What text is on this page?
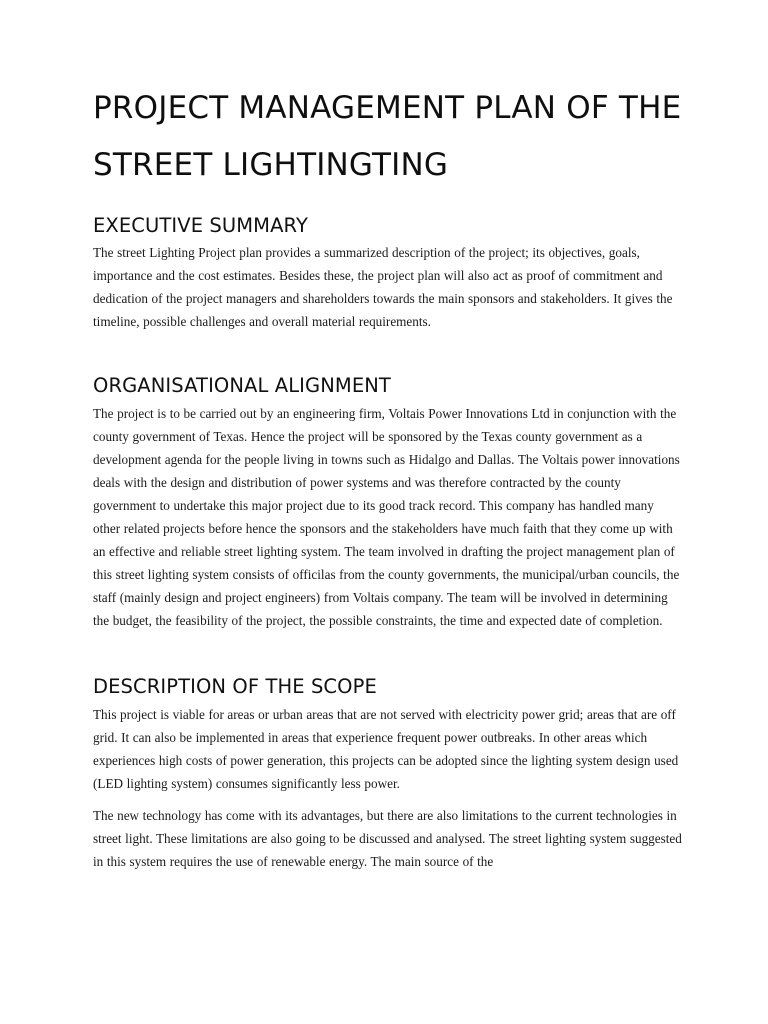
PROJECT MANAGEMENT PLAN OF THE STREET LIGHTINGTING
EXECUTIVE SUMMARY

The street Lighting Project plan provides a summarized description of the project; its objectives, goals, importance and the cost estimates. Besides these, the project plan will also act as proof of commitment and dedication of the project managers and shareholders towards the main sponsors and stakeholders. It gives the timeline, possible challenges and overall material requirements.

ORGANISATIONAL ALIGNMENT

The project is to be carried out by an engineering firm, Voltais Power Innovations Ltd in conjunction with the county government of Texas. Hence the project will be sponsored by the Texas county government as a development agenda for the people living in towns such as Hidalgo and Dallas. The Voltais power innovations deals with the design and distribution of power systems and was therefore contracted by the county government to undertake this major project due to its good track record. This company has handled many other related projects before hence the sponsors and the stakeholders have much faith that they come up with an effective and reliable street lighting system. The team involved in drafting the project management plan of this street lighting system consists of officilas from the county governments, the municipal/urban councils, the staff (mainly design and project engineers) from Voltais company. The team will be involved in determining the budget, the feasibility of the project, the possible constraints, the time and expected date of completion.

DESCRIPTION OF THE SCOPE

This project is viable for areas or urban areas that are not served with electricity power grid; areas that are off grid. It can also be implemented in areas that experience frequent power outbreaks. In other areas which experiences high costs of power generation, this projects can be adopted since the lighting system design used (LED lighting system) consumes significantly less power.

The new technology has come with its advantages, but there are also limitations to the current technologies in street light. These limitations are also going to be discussed and analysed. The street lighting system suggested in this system requires the use of renewable energy. The main source of the
